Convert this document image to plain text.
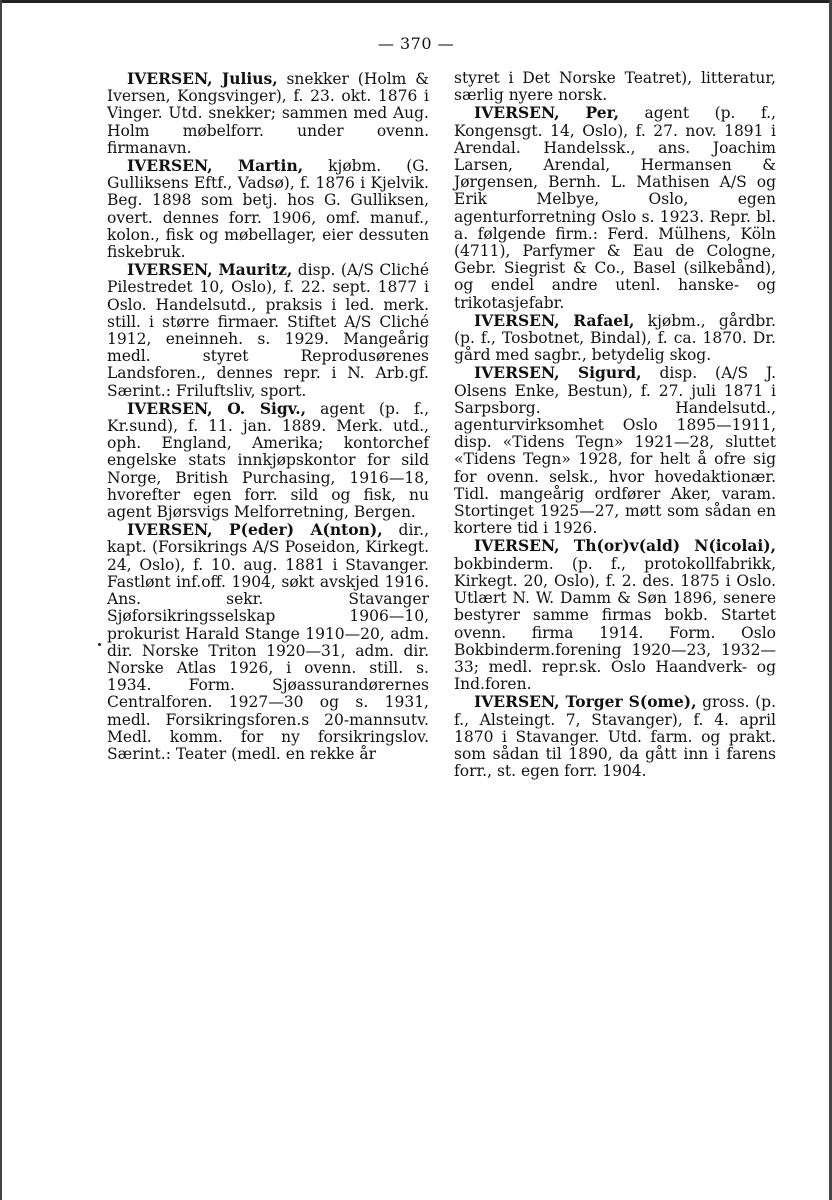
— 370 —

IVERSEN, Julius, snekker (Holm & Iversen, Kongsvinger), f. 23. okt. 1876 i Vinger. Utd. snekker; sammen med Aug. Holm møbelforr. under ovenn. firmanavn.

IVERSEN, Martin, kjøbm. (G. Gulliksens Eftf., Vadsø), f. 1876 i Kjelvik. Beg. 1898 som betj. hos G. Gulliksen, overt. dennes forr. 1906, omf. manuf., kolon., fisk og møbellager, eier dessuten fiskebruk.

IVERSEN, Mauritz, disp. (A/S Cliché Pilestredet 10, Oslo), f. 22. sept. 1877 i Oslo. Handelsutd., praksis i led. merk. still. i større firmaer. Stiftet A/S Cliché 1912, eneinneh. s. 1929. Mangeårig medl. styret Reprodusørenes Landsforen., dennes repr. i N. Arb.gf. Særint.: Friluftsliv, sport.

IVERSEN, O. Sigv., agent (p. f., Kr.sund), f. 11. jan. 1889. Merk. utd., oph. England, Amerika; kontorchef engelske stats innkjøpskontor for sild Norge, British Purchasing, 1916—18, hvorefter egen forr. sild og fisk, nu agent Bjørsvigs Melforretning, Bergen.

IVERSEN, P(eder) A(nton), dir., kapt. (Forsikrings A/S Poseidon, Kirkegt. 24, Oslo), f. 10. aug. 1881 i Stavanger. Fastlønt inf.off. 1904, søkt avskjed 1916. Ans. sekr. Stavanger Sjøforsikringsselskap 1906—10, prokurist Harald Stange 1910—20, adm. dir. Norske Triton 1920—31, adm. dir. Norske Atlas 1926, i ovenn. still. s. 1934. Form. Sjøassurandørernes Centralforen. 1927—30 og s. 1931, medl. Forsikringsforen.s 20-mannsutv. Medl. komm. for ny forsikringslov. Særint.: Teater (medl. en rekke år

styret i Det Norske Teatret), litteratur, særlig nyere norsk.

IVERSEN, Per, agent (p. f., Kongensgt. 14, Oslo), f. 27. nov. 1891 i Arendal. Handelssk., ans. Joachim Larsen, Arendal, Hermansen & Jørgensen, Bernh. L. Mathisen A/S og Erik Melbye, Oslo, egen agenturforretning Oslo s. 1923. Repr. bl. a. følgende firm.: Ferd. Mülhens, Köln (4711), Parfymer & Eau de Cologne, Gebr. Siegrist & Co., Basel (silkebånd), og endel andre utenl. hanske- og trikotasjefabr.

IVERSEN, Rafael, kjøbm., gårdbr. (p. f., Tosbotnet, Bindal), f. ca. 1870. Dr. gård med sagbr., betydelig skog.

IVERSEN, Sigurd, disp. (A/S J. Olsens Enke, Bestun), f. 27. juli 1871 i Sarpsborg. Handelsutd., agenturvirksomhet Oslo 1895—1911, disp. «Tidens Tegn» 1921—28, sluttet «Tidens Tegn» 1928, for helt å ofre sig for ovenn. selsk., hvor hovedaktionær. Tidl. mangeårig ordfører Aker, varam. Stortinget 1925—27, møtt som sådan en kortere tid i 1926.

IVERSEN, Th(or)v(ald) N(icolai), bokbinderm. (p. f., protokollfabrikk, Kirkegt. 20, Oslo), f. 2. des. 1875 i Oslo. Utlært N. W. Damm & Søn 1896, senere bestyrer samme firmas bokb. Startet ovenn. firma 1914. Form. Oslo Bokbinderm.forening 1920—23, 1932—33; medl. repr.sk. Oslo Haandverk- og Ind.foren.

IVERSEN, Torger S(ome), gross. (p. f., Alsteingt. 7, Stavanger), f. 4. april 1870 i Stavanger. Utd. farm. og prakt. som sådan til 1890, da gått inn i farens forr., st. egen forr. 1904.
